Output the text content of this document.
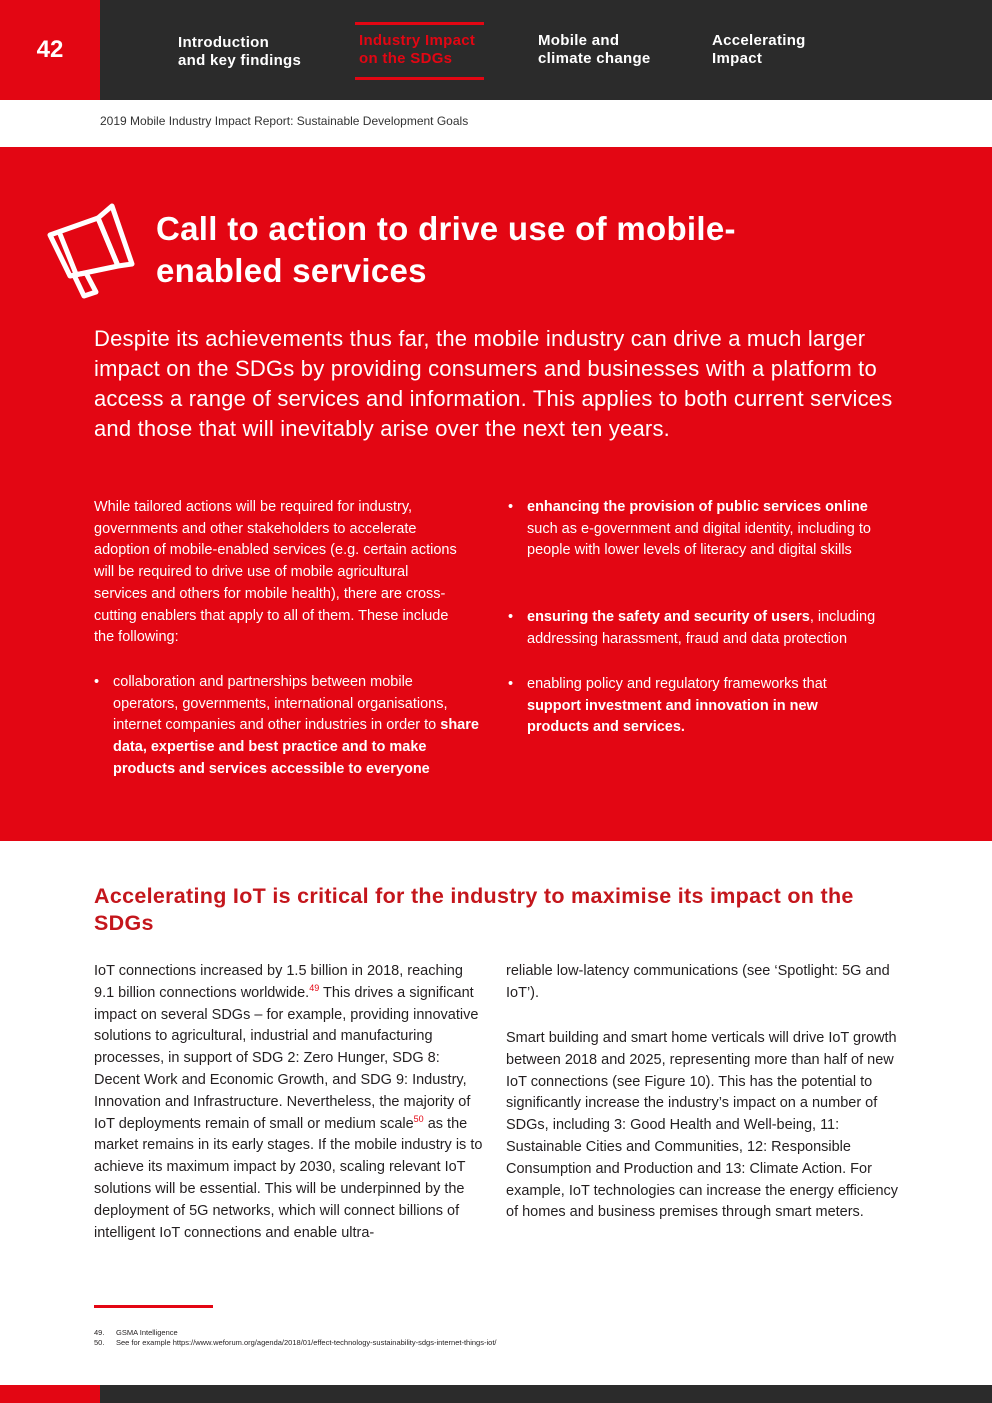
42	Introduction
and key findings
Industry Impact
on the SDGs
Mobile and
climate change
Accelerating
Impact
2019 Mobile Industry Impact Report: Sustainable Development Goals
Call to action to drive use of mobile-enabled services
Despite its achievements thus far, the mobile industry can drive a much larger impact on the SDGs by providing consumers and businesses with a platform to access a range of services and information. This applies to both current services and those that will inevitably arise over the next ten years.
While tailored actions will be required for industry, governments and other stakeholders to accelerate adoption of mobile-enabled services (e.g. certain actions will be required to drive use of mobile agricultural services and others for mobile health), there are cross-cutting enablers that apply to all of them. These include the following:
• collaboration and partnerships between mobile operators, governments, international organisations, internet companies and other industries in order to share data, expertise and best practice and to make products and services accessible to everyone
• enhancing the provision of public services online such as e-government and digital identity, including to people with lower levels of literacy and digital skills
• ensuring the safety and security of users, including addressing harassment, fraud and data protection
• enabling policy and regulatory frameworks that support investment and innovation in new products and services.
Accelerating IoT is critical for the industry to maximise its impact on the SDGs
IoT connections increased by 1.5 billion in 2018, reaching 9.1 billion connections worldwide.$^{49}$ This drives a significant impact on several SDGs – for example, providing innovative solutions to agricultural, industrial and manufacturing processes, in support of SDG 2: Zero Hunger, SDG 8: Decent Work and Economic Growth, and SDG 9: Industry, Innovation and Infrastructure. Nevertheless, the majority of IoT deployments remain of small or medium scale$^{50}$ as the market remains in its early stages. If the mobile industry is to achieve its maximum impact by 2030, scaling relevant IoT solutions will be essential. This will be underpinned by the deployment of 5G networks, which will connect billions of intelligent IoT connections and enable ultra-
reliable low-latency communications (see ‘Spotlight: 5G and IoT’).
Smart building and smart home verticals will drive IoT growth between 2018 and 2025, representing more than half of new IoT connections (see Figure 10). This has the potential to significantly increase the industry’s impact on a number of SDGs, including 3: Good Health and Well-being, 11: Sustainable Cities and Communities, 12: Responsible Consumption and Production and 13: Climate Action. For example, IoT technologies can increase the energy efficiency of homes and business premises through smart meters.
49. GSMA Intelligence
50. See for example https://www.weforum.org/agenda/2018/01/effect-technology-sustainability-sdgs-internet-things-iot/
